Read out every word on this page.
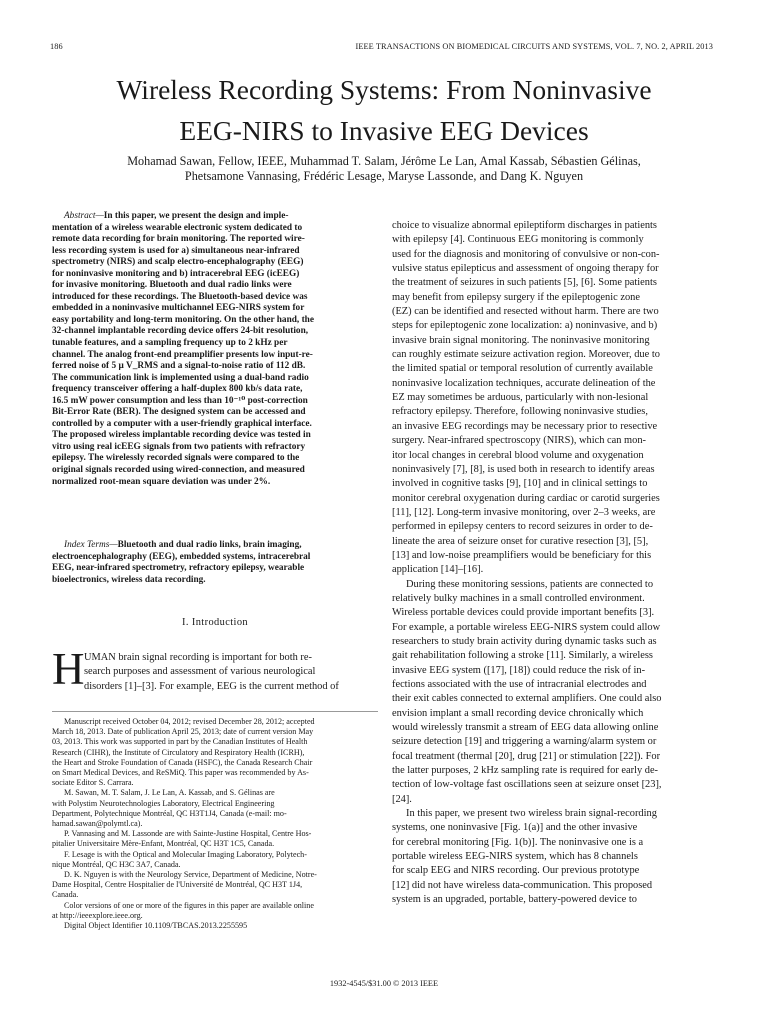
186	IEEE TRANSACTIONS ON BIOMEDICAL CIRCUITS AND SYSTEMS, VOL. 7, NO. 2, APRIL 2013
Wireless Recording Systems: From Noninvasive
EEG-NIRS to Invasive EEG Devices
Mohamad Sawan, Fellow, IEEE, Muhammad T. Salam, Jérôme Le Lan, Amal Kassab, Sébastien Gélinas,
Phetsamone Vannasing, Frédéric Lesage, Maryse Lassonde, and Dang K. Nguyen
Abstract—In this paper, we present the design and imple-
mentation of a wireless wearable electronic system dedicated to
remote data recording for brain monitoring. The reported wire-
less recording system is used for a) simultaneous near-infrared
spectrometry (NIRS) and scalp electro-encephalography (EEG)
for noninvasive monitoring and b) intracerebral EEG (icEEG)
for invasive monitoring. Bluetooth and dual radio links were
introduced for these recordings. The Bluetooth-based device was
embedded in a noninvasive multichannel EEG-NIRS system for
easy portability and long-term monitoring. On the other hand, the
32-channel implantable recording device offers 24-bit resolution,
tunable features, and a sampling frequency up to 2 kHz per
channel. The analog front-end preamplifier presents low input-re-
ferred noise of 5 μ V_RMS and a signal-to-noise ratio of 112 dB.
The communication link is implemented using a dual-band radio
frequency transceiver offering a half-duplex 800 kb/s data rate,
16.5 mW power consumption and less than 10⁻¹⁰ post-correction
Bit-Error Rate (BER). The designed system can be accessed and
controlled by a computer with a user-friendly graphical interface.
The proposed wireless implantable recording device was tested in
vitro using real icEEG signals from two patients with refractory
epilepsy. The wirelessly recorded signals were compared to the
original signals recorded using wired-connection, and measured
normalized root-mean square deviation was under 2%.
Index Terms—Bluetooth and dual radio links, brain imaging,
electroencephalography (EEG), embedded systems, intracerebral
EEG, near-infrared spectrometry, refractory epilepsy, wearable
bioelectronics, wireless data recording.
I. Introduction
H UMAN brain signal recording is important for both re-
search purposes and assessment of various neurological
disorders [1]–[3]. For example, EEG is the current method of
Manuscript received October 04, 2012; revised December 28, 2012; accepted
March 18, 2013. Date of publication April 25, 2013; date of current version May
03, 2013. This work was supported in part by the Canadian Institutes of Health
Research (CIHR), the Institute of Circulatory and Respiratory Health (ICRH),
the Heart and Stroke Foundation of Canada (HSFC), the Canada Research Chair
on Smart Medical Devices, and ReSMiQ. This paper was recommended by As-
sociate Editor S. Carrara.
M. Sawan, M. T. Salam, J. Le Lan, A. Kassab, and S. Gélinas are
with Polystim Neurotechnologies Laboratory, Electrical Engineering
Department, Polytechnique Montréal, QC H3T1J4, Canada (e-mail: mo-
hamad.sawan@polymtl.ca).
P. Vannasing and M. Lassonde are with Sainte-Justine Hospital, Centre Hos-
pitalier Universitaire Mère-Enfant, Montréal, QC H3T 1C5, Canada.
F. Lesage is with the Optical and Molecular Imaging Laboratory, Polytech-
nique Montréal, QC H3C 3A7, Canada.
D. K. Nguyen is with the Neurology Service, Department of Medicine, Notre-
Dame Hospital, Centre Hospitalier de l'Université de Montréal, QC H3T 1J4,
Canada.
Color versions of one or more of the figures in this paper are available online
at http://ieeexplore.ieee.org.
Digital Object Identifier 10.1109/TBCAS.2013.2255595
choice to visualize abnormal epileptiform discharges in patients
with epilepsy [4]. Continuous EEG monitoring is commonly
used for the diagnosis and monitoring of convulsive or non-con-
vulsive status epilepticus and assessment of ongoing therapy for
the treatment of seizures in such patients [5], [6]. Some patients
may benefit from epilepsy surgery if the epileptogenic zone
(EZ) can be identified and resected without harm. There are two
steps for epileptogenic zone localization: a) noninvasive, and b)
invasive brain signal monitoring. The noninvasive monitoring
can roughly estimate seizure activation region. Moreover, due to
the limited spatial or temporal resolution of currently available
noninvasive localization techniques, accurate delineation of the
EZ may sometimes be arduous, particularly with non-lesional
refractory epilepsy. Therefore, following noninvasive studies,
an invasive EEG recordings may be necessary prior to resective
surgery. Near-infrared spectroscopy (NIRS), which can mon-
itor local changes in cerebral blood volume and oxygenation
noninvasively [7], [8], is used both in research to identify areas
involved in cognitive tasks [9], [10] and in clinical settings to
monitor cerebral oxygenation during cardiac or carotid surgeries
[11], [12]. Long-term invasive monitoring, over 2–3 weeks, are
performed in epilepsy centers to record seizures in order to de-
lineate the area of seizure onset for curative resection [3], [5],
[13] and low-noise preamplifiers would be beneficiary for this
application [14]–[16].
During these monitoring sessions, patients are connected to
relatively bulky machines in a small controlled environment.
Wireless portable devices could provide important benefits [3].
For example, a portable wireless EEG-NIRS system could allow
researchers to study brain activity during dynamic tasks such as
gait rehabilitation following a stroke [11]. Similarly, a wireless
invasive EEG system ([17], [18]) could reduce the risk of in-
fections associated with the use of intracranial electrodes and
their exit cables connected to external amplifiers. One could also
envision implant a small recording device chronically which
would wirelessly transmit a stream of EEG data allowing online
seizure detection [19] and triggering a warning/alarm system or
focal treatment (thermal [20], drug [21] or stimulation [22]). For
the latter purposes, 2 kHz sampling rate is required for early de-
tection of low-voltage fast oscillations seen at seizure onset [23],
[24].
In this paper, we present two wireless brain signal-recording
systems, one noninvasive [Fig. 1(a)] and the other invasive
for cerebral monitoring [Fig. 1(b)]. The noninvasive one is a
portable wireless EEG-NIRS system, which has 8 channels
for scalp EEG and NIRS recording. Our previous prototype
[12] did not have wireless data-communication. This proposed
system is an upgraded, portable, battery-powered device to
1932-4545/$31.00 © 2013 IEEE
